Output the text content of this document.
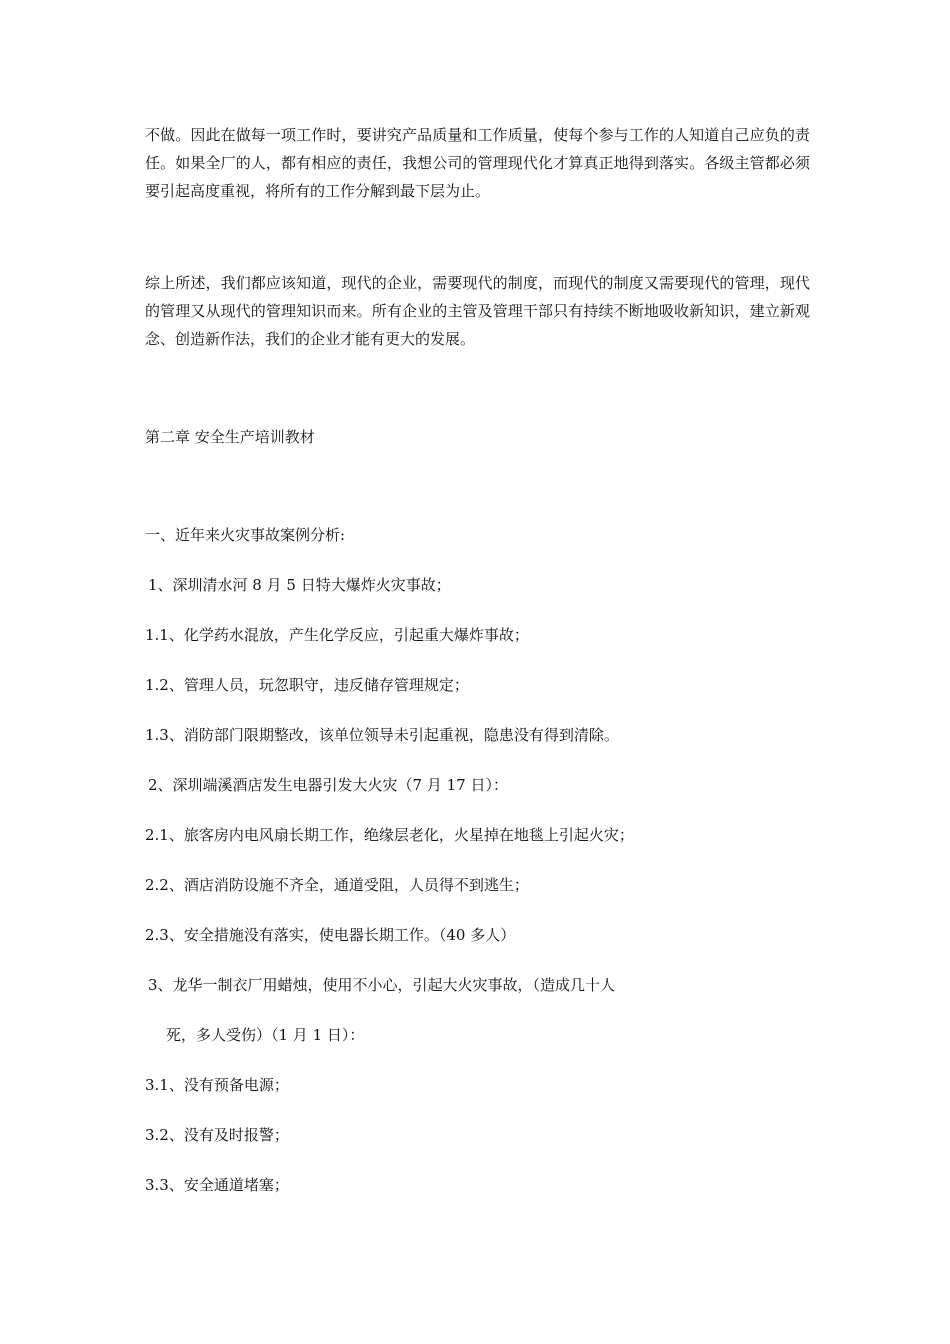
不做。因此在做每一项工作时，要讲究产品质量和工作质量，使每个参与工作的人知道自己应负的责任。如果全厂的人，都有相应的责任，我想公司的管理现代化才算真正地得到落实。各级主管都必须要引起高度重视，将所有的工作分解到最下层为止。

综上所述，我们都应该知道，现代的企业，需要现代的制度，而现代的制度又需要现代的管理，现代的管理又从现代的管理知识而来。所有企业的主管及管理干部只有持续不断地吸收新知识，建立新观念、创造新作法，我们的企业才能有更大的发展。

第二章 安全生产培训教材

一、近年来火灾事故案例分析:

1、深圳清水河 8 月 5 日特大爆炸火灾事故；

1.1、化学药水混放，产生化学反应，引起重大爆炸事故；

1.2、管理人员，玩忽职守，违反储存管理规定；

1.3、消防部门限期整改，该单位领导未引起重视，隐患没有得到清除。

2、深圳端溪酒店发生电器引发大火灾（7 月 17 日）：

2.1、旅客房内电风扇长期工作，绝缘层老化，火星掉在地毯上引起火灾；

2.2、酒店消防设施不齐全，通道受阻，人员得不到逃生；

2.3、安全措施没有落实，使电器长期工作。（40 多人）

3、龙华一制衣厂用蜡烛，使用不小心，引起大火灾事故，（造成几十人

死，多人受伤）（1 月 1 日）：

3.1、没有预备电源；

3.2、没有及时报警；

3.3、安全通道堵塞；
